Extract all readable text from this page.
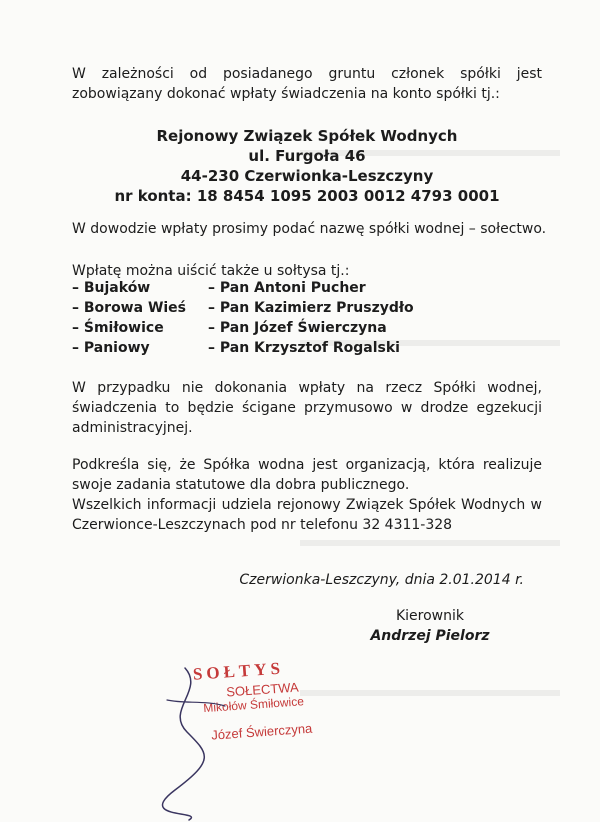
W zależności od posiadanego gruntu członek spółki jest zobowiązany dokonać wpłaty świadczenia na konto spółki tj.:

Rejonowy Związek Spółek Wodnych
ul. Furgoła 46
44-230 Czerwionka-Leszczyny
nr konta: 18 8454 1095 2003 0012 4793 0001

W dowodzie wpłaty prosimy podać nazwę spółki wodnej – sołectwo.

Wpłatę można uiścić także u sołtysa tj.:

– Bujaków	– Pan Antoni Pucher
– Borowa Wieś – Pan Kazimierz Pruszydło
– Śmiłowice	– Pan Józef Świerczyna
– Paniowy	– Pan Krzysztof Rogalski

W przypadku nie dokonania wpłaty na rzecz Spółki wodnej, świadczenia to będzie ścigane przymusowo w drodze egzekucji administracyjnej.

Podkreśla się, że Spółka wodna jest organizacją, która realizuje swoje zadania statutowe dla dobra publicznego.

Wszelkich informacji udziela rejonowy Związek Spółek Wodnych w Czerwionce-Leszczynach pod nr telefonu 32 4311-328

Czerwionka-Leszczyny, dnia 2.01.2014 r.
Kierownik
Andrzej Pielorz
SOŁTYS
SOŁECTWA
Mikołów Śmiłowice
Józef Świerczyna
